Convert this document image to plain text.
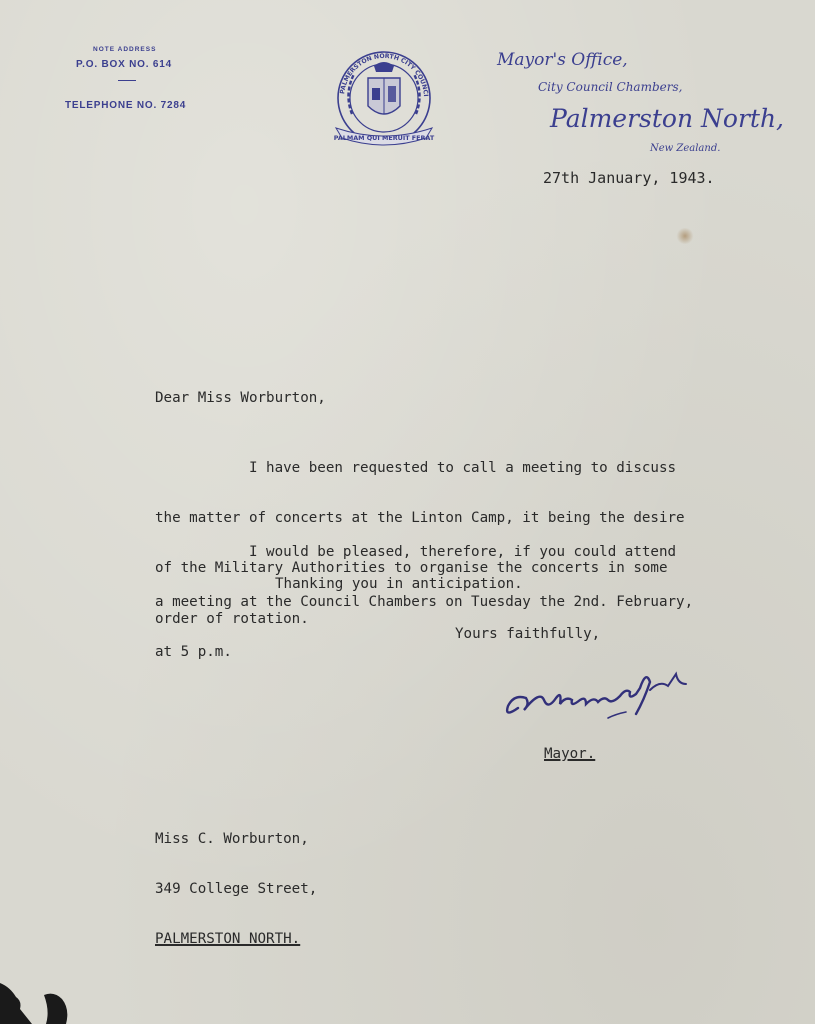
NOTE ADDRESS
P.O. BOX NO. 614
TELEPHONE NO. 7284
PALMERSTON NORTH CITY COUNCI
PALMAM QUI MERUIT FERAT
Mayor's Office,
City Council Chambers,
Palmerston North,
New Zealand.
27th January, 1943.
Dear Miss Worburton,

I have been requested to call a meeting to discuss

the matter of concerts at the Linton Camp, it being the desire

of the Military Authorities to organise the concerts in some

order of rotation.

I would be pleased, therefore, if you could attend

a meeting at the Council Chambers on Tuesday the 2nd. February,

at 5 p.m.

Thanking you in anticipation.
Yours faithfully,
Mayor.

Miss C. Worburton,

349 College Street,

PALMERSTON NORTH.
